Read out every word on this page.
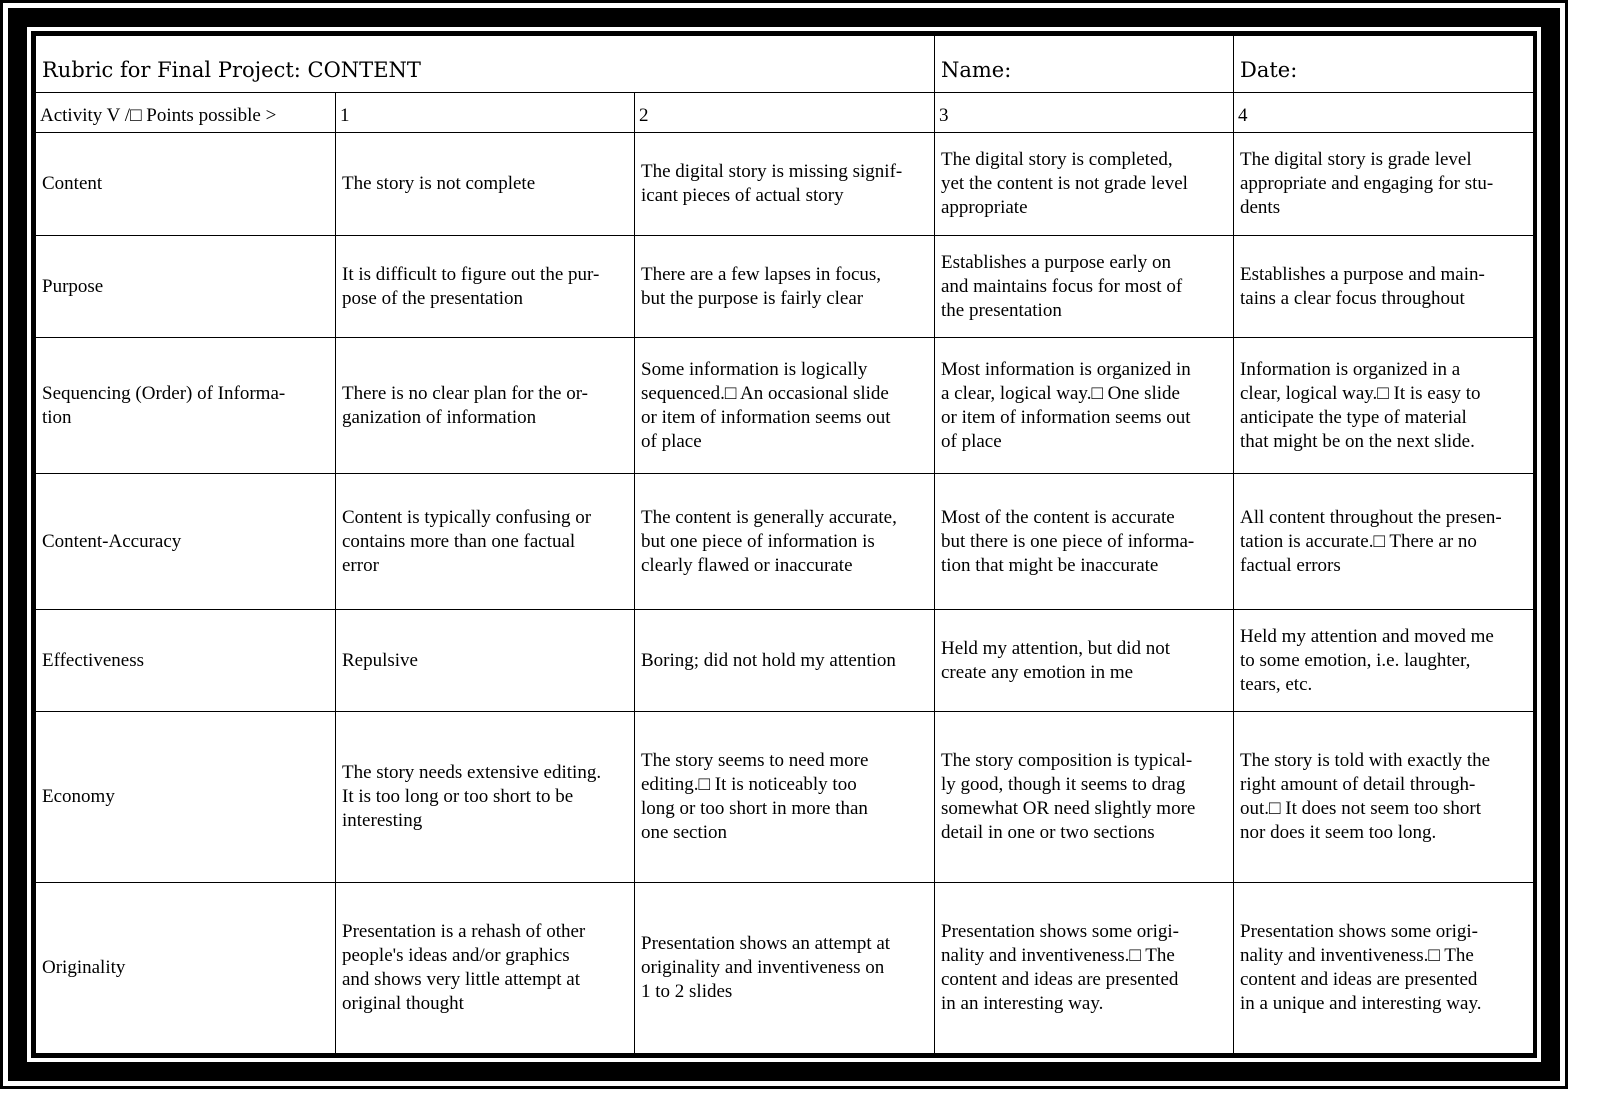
Rubric for Final Project: CONTENT			Name:	Date:
Activity V /□ Points possible >	1	2	3	4
Content	The story is not complete	The digital story is missing signif-
icant pieces of actual story	The digital story is completed,
yet the content is not grade level
appropriate	The digital story is grade level
appropriate and engaging for stu-
dents
Purpose	It is difficult to figure out the pur-
pose of the presentation	There are a few lapses in focus,
but the purpose is fairly clear	Establishes a purpose early on
and maintains focus for most of
the presentation	Establishes a purpose and main-
tains a clear focus throughout
Sequencing (Order) of Informa-
tion	There is no clear plan for the or-
ganization of information	Some information is logically
sequenced.□ An occasional slide
or item of information seems out
of place	Most information is organized in
a clear, logical way.□ One slide
or item of information seems out
of place	Information is organized in a
clear, logical way.□ It is easy to
anticipate the type of material
that might be on the next slide.
Content-Accuracy	Content is typically confusing or
contains more than one factual
error	The content is generally accurate,
but one piece of information is
clearly flawed or inaccurate	Most of the content is accurate
but there is one piece of informa-
tion that might be inaccurate	All content throughout the presen-
tation is accurate.□ There ar no
factual errors
Effectiveness	Repulsive	Boring; did not hold my attention	Held my attention, but did not
create any emotion in me	Held my attention and moved me
to some emotion, i.e. laughter,
tears, etc.
Economy	The story needs extensive editing.
It is too long or too short to be
interesting	The story seems to need more
editing.□ It is noticeably too
long or too short in more than
one section	The story composition is typical-
ly good, though it seems to drag
somewhat OR need slightly more
detail in one or two sections	The story is told with exactly the
right amount of detail through-
out.□ It does not seem too short
nor does it seem too long.
Originality	Presentation is a rehash of other
people's ideas and/or graphics
and shows very little attempt at
original thought	Presentation shows an attempt at
originality and inventiveness on
1 to 2 slides	Presentation shows some origi-
nality and inventiveness.□ The
content and ideas are presented
in an interesting way.	Presentation shows some origi-
nality and inventiveness.□ The
content and ideas are presented
in a unique and interesting way.
